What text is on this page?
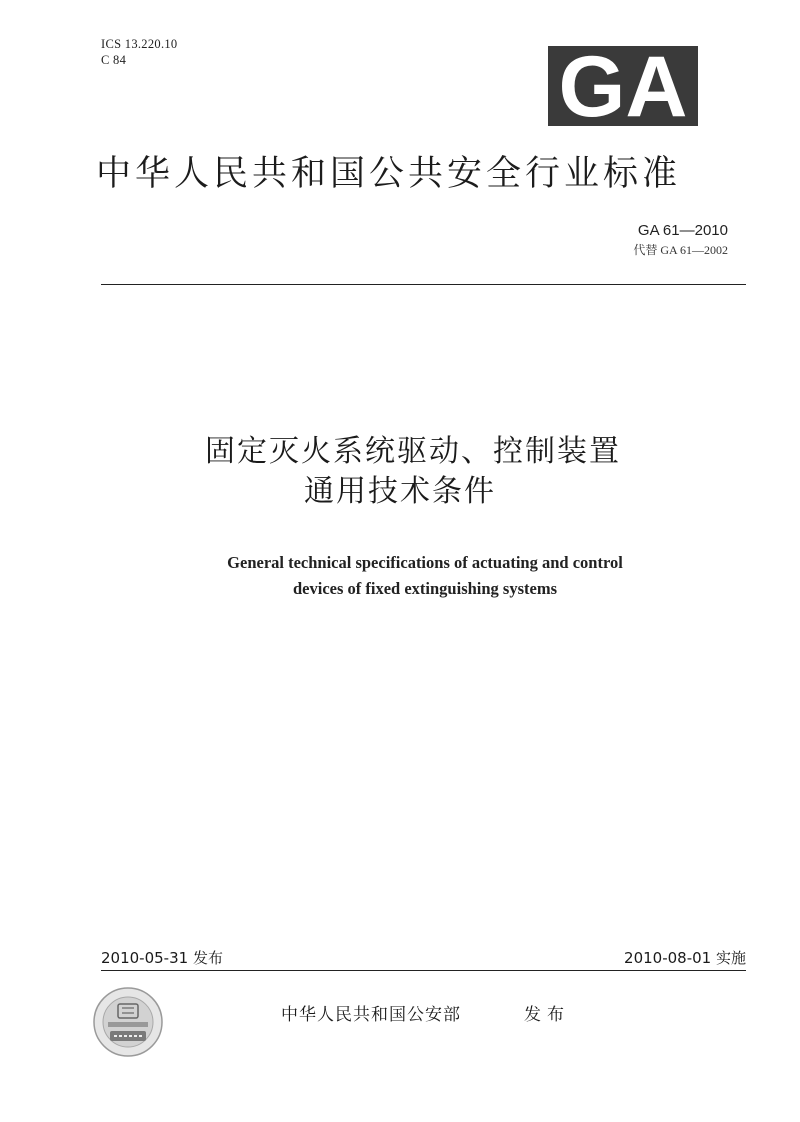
ICS 13.220.10
C 84	GA
中华人民共和国公共安全行业标准
GA 61—2010
代替 GA 61—2002
固定灭火系统驱动、控制装置
通用技术条件
General technical specifications of actuating and control
devices of fixed extinguishing systems
2010-05-31 发布	2010-08-01 实施
中华人民共和国公安部	发布
